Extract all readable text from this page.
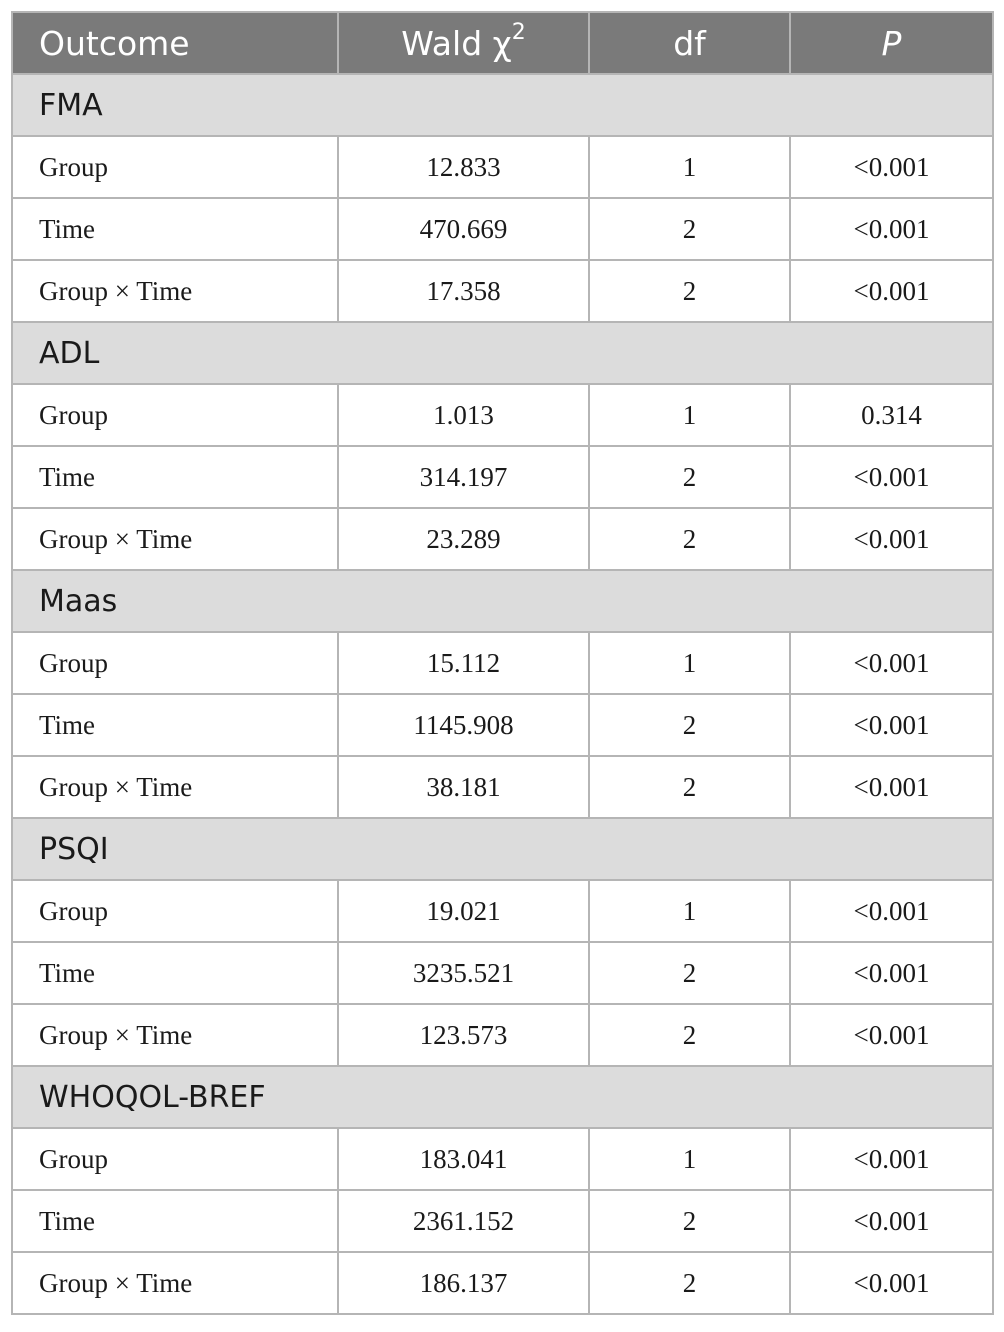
Outcome	Wald $\chi^2$	df	P
FMA			
Group	12.833	1	<0.001
Time	470.669	2	<0.001
Group × Time	17.358	2	<0.001
ADL			
Group	1.013	1	0.314
Time	314.197	2	<0.001
Group × Time	23.289	2	<0.001
Maas			
Group	15.112	1	<0.001
Time	1145.908	2	<0.001
Group × Time	38.181	2	<0.001
PSQI			
Group	19.021	1	<0.001
Time	3235.521	2	<0.001
Group × Time	123.573	2	<0.001
WHOQOL-BREF			
Group	183.041	1	<0.001
Time	2361.152	2	<0.001
Group × Time	186.137	2	<0.001
